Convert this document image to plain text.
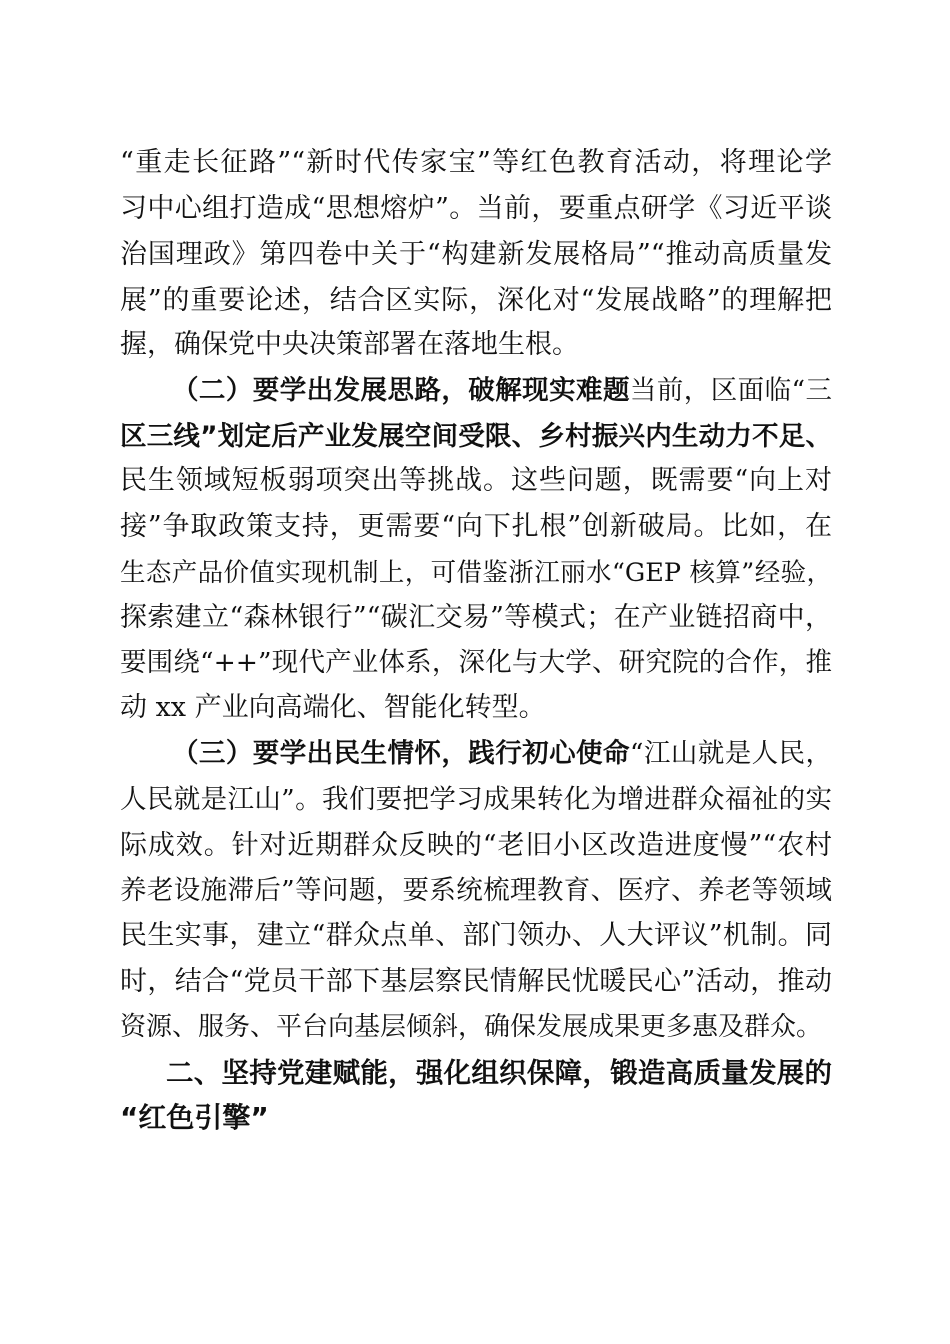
“重走长征路”“新时代传家宝”等红色教育活动，将理论学
习中心组打造成“思想熔炉”。当前，要重点研学《习近平谈
治国理政》第四卷中关于“构建新发展格局”“推动高质量发
展”的重要论述，结合区实际，深化对“发展战略”的理解把
握，确保党中央决策部署在落地生根。
（二）要学出发展思路，破解现实难题当前，区面临“三
区三线”划定后产业发展空间受限、乡村振兴内生动力不足、
民生领域短板弱项突出等挑战。这些问题，既需要“向上对
接”争取政策支持，更需要“向下扎根”创新破局。比如，在
生态产品价值实现机制上，可借鉴浙江丽水“GEP 核算”经验，
探索建立“森林银行”“碳汇交易”等模式；在产业链招商中，
要围绕“++”现代产业体系，深化与大学、研究院的合作，推
动 xx 产业向高端化、智能化转型。
（三）要学出民生情怀，践行初心使命“江山就是人民，
人民就是江山”。我们要把学习成果转化为增进群众福祉的实
际成效。针对近期群众反映的“老旧小区改造进度慢”“农村
养老设施滞后”等问题，要系统梳理教育、医疗、养老等领域
民生实事，建立“群众点单、部门领办、人大评议”机制。同
时，结合“党员干部下基层察民情解民忧暖民心”活动，推动
资源、服务、平台向基层倾斜，确保发展成果更多惠及群众。
二、坚持党建赋能，强化组织保障，锻造高质量发展的
“红色引擎”
